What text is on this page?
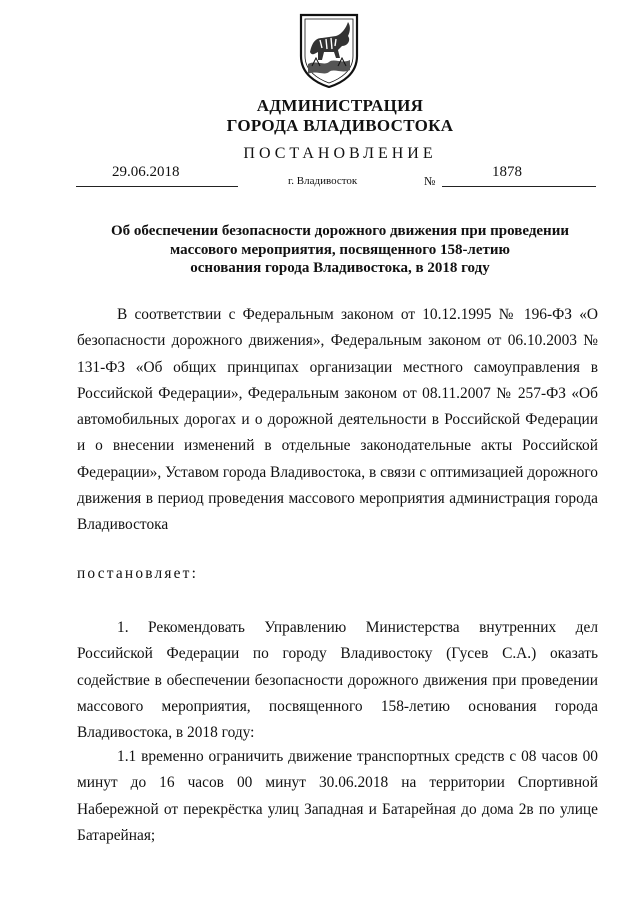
АДМИНИСТРАЦИЯ
ГОРОДА ВЛАДИВОСТОКА
ПОСТАНОВЛЕНИЕ
29.06.2018
г. Владивосток	№
1878
Об обеспечении безопасности дорожного движения при проведении
массового мероприятия, посвященного 158-летию
основания города Владивостока, в 2018 году

В соответствии с Федеральным законом от 10.12.1995 № 196-ФЗ «О безопасности дорожного движения», Федеральным законом от 06.10.2003 № 131-ФЗ «Об общих принципах организации местного самоуправления в Российской Федерации», Федеральным законом от 08.11.2007 № 257-ФЗ «Об автомобильных дорогах и о дорожной деятельности в Российской Федерации и о внесении изменений в отдельные законодательные акты Российской Федерации», Уставом города Владивостока, в связи с оптимизацией дорожного движения в период проведения массового мероприятия администрация города Владивостока

постановляет:

1. Рекомендовать Управлению Министерства внутренних дел Российской Федерации по городу Владивостоку (Гусев С.А.) оказать содействие в обеспечении безопасности дорожного движения при проведении массового мероприятия, посвященного 158-летию основания города Владивостока, в 2018 году:

1.1 временно ограничить движение транспортных средств с 08 часов 00 минут до 16 часов 00 минут 30.06.2018 на территории Спортивной Набережной от перекрёстка улиц Западная и Батарейная до дома 2в по улице Батарейная;
